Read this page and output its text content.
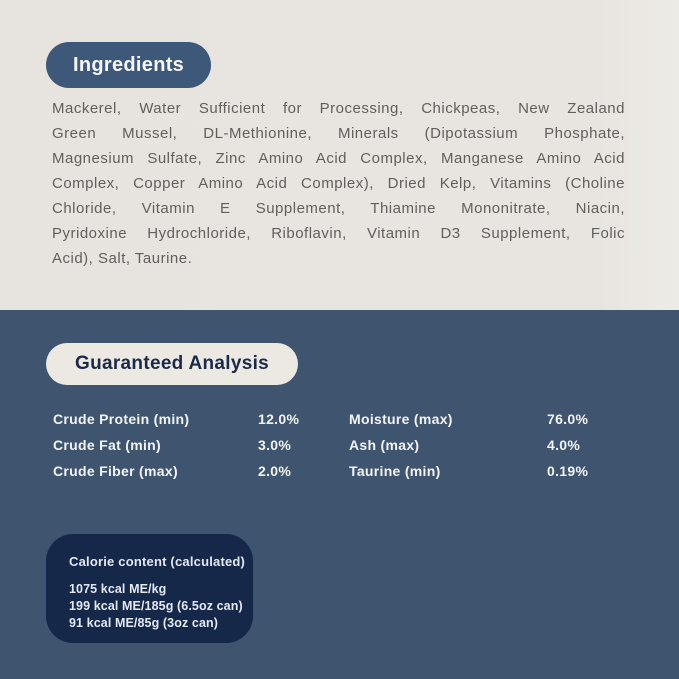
Ingredients
Mackerel, Water Sufficient for Processing, Chickpeas, New Zealand
Green Mussel, DL-Methionine, Minerals (Dipotassium Phosphate,
Magnesium Sulfate, Zinc Amino Acid Complex, Manganese Amino Acid
Complex, Copper Amino Acid Complex), Dried Kelp, Vitamins (Choline
Chloride, Vitamin E Supplement, Thiamine Mononitrate, Niacin,
Pyridoxine Hydrochloride, Riboflavin, Vitamin D3 Supplement, Folic
Acid), Salt, Taurine.
Guaranteed Analysis
Crude Protein (min)	12.0%	Moisture (max)	76.0%
Crude Fat (min)	3.0%	Ash (max)	4.0%
Crude Fiber (max)	2.0%	Taurine (min)	0.19%
Calorie content (calculated)
1075 kcal ME/kg
199 kcal ME/185g (6.5oz can)
91 kcal ME/85g (3oz can)
